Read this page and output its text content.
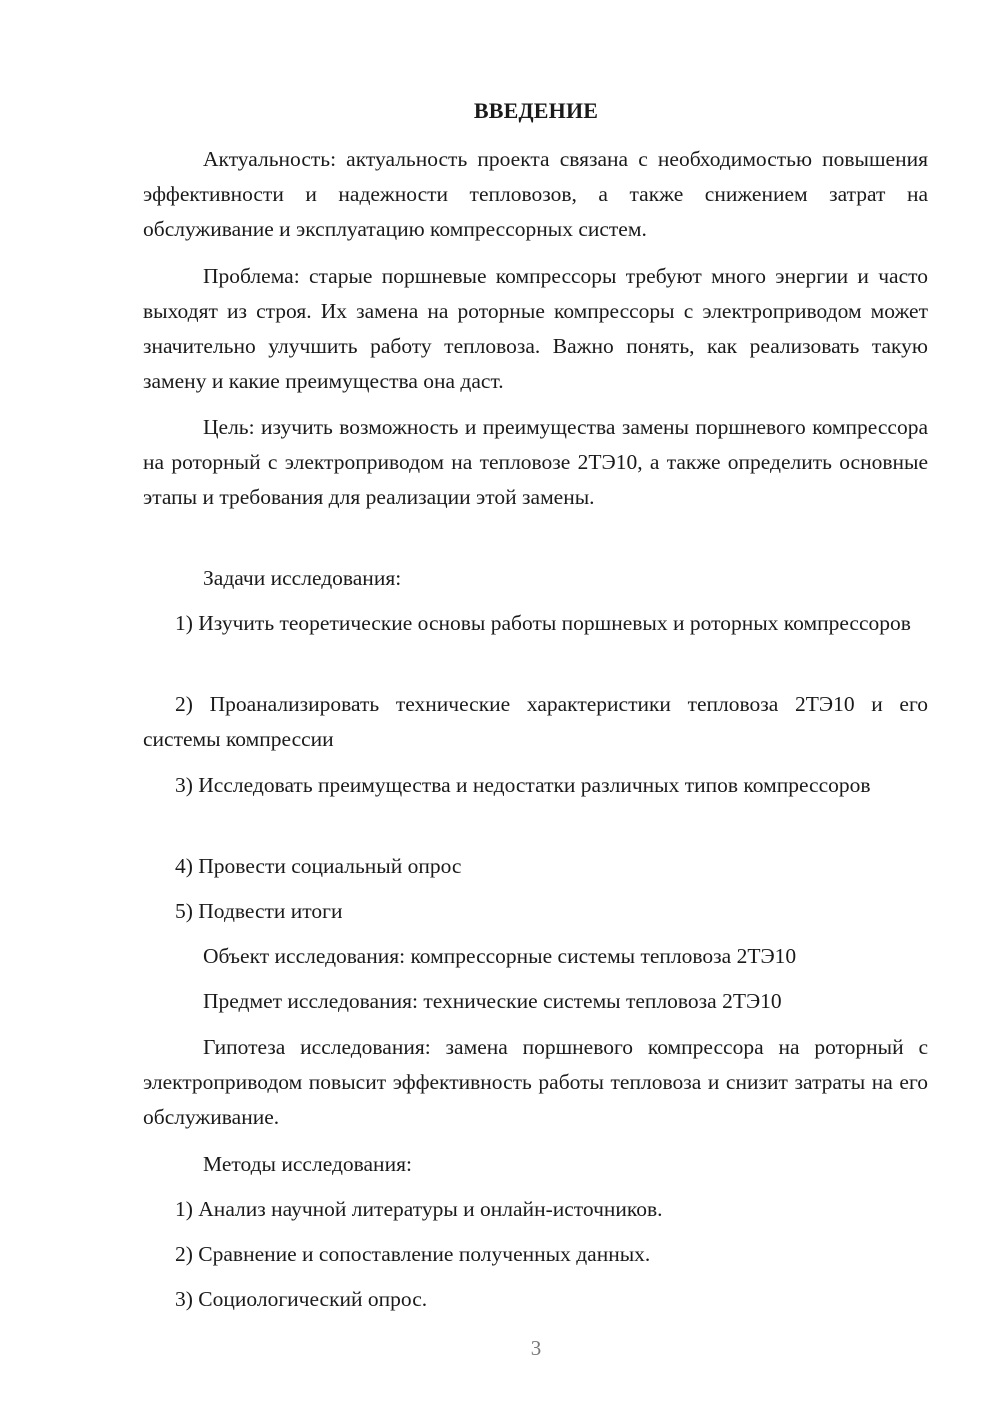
ВВЕДЕНИЕ

Актуальность: актуальность проекта связана с необходимостью повышения эффективности и надежности тепловозов, а также снижением затрат на обслуживание и эксплуатацию компрессорных систем.

Проблема: старые поршневые компрессоры требуют много энергии и часто выходят из строя. Их замена на роторные компрессоры с электроприводом может значительно улучшить работу тепловоза. Важно понять, как реализовать такую замену и какие преимущества она даст.

Цель: изучить возможность и преимущества замены поршневого компрессора на роторный с электроприводом на тепловозе 2ТЭ10, а также определить основные этапы и требования для реализации этой замены.

Задачи исследования:

1) Изучить теоретические основы работы поршневых и роторных компрессоров

2) Проанализировать технические характеристики тепловоза 2ТЭ10 и его системы компрессии

3) Исследовать преимущества и недостатки различных типов компрессоров

4) Провести социальный опрос

5) Подвести итоги

Объект исследования: компрессорные системы тепловоза 2ТЭ10

Предмет исследования: технические системы тепловоза 2ТЭ10

Гипотеза исследования: замена поршневого компрессора на роторный с электроприводом повысит эффективность работы тепловоза и снизит затраты на его обслуживание.

Методы исследования:

1) Анализ научной литературы и онлайн-источников.

2) Сравнение и сопоставление полученных данных.

3) Социологический опрос.

3
